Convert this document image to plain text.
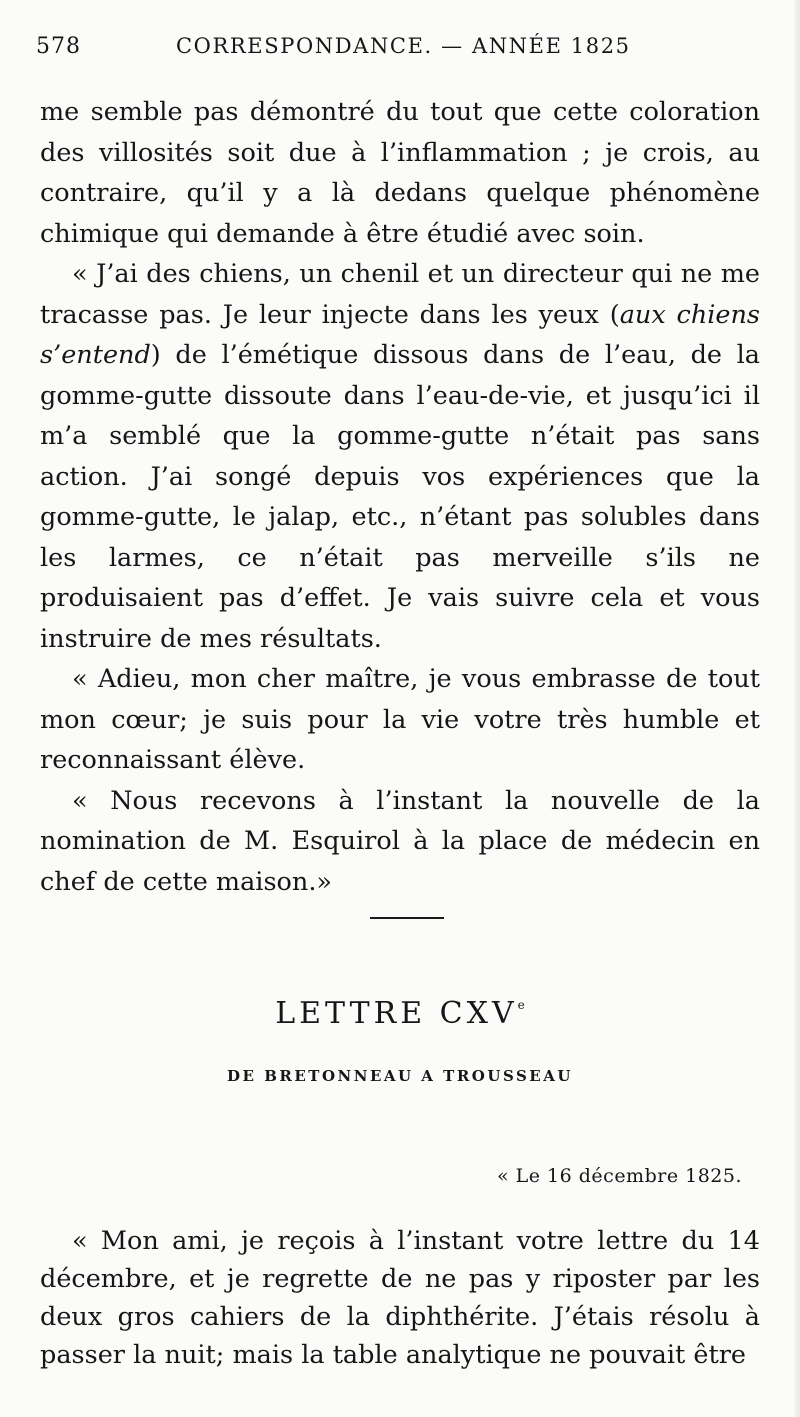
578	CORRESPONDANCE. — ANNÉE 1825

me semble pas démontré du tout que cette coloration des villosités soit due à l’inflammation ; je crois, au contraire, qu’il y a là dedans quelque phénomène chimique qui demande à être étudié avec soin.

« J’ai des chiens, un chenil et un directeur qui ne me tracasse pas. Je leur injecte dans les yeux (aux chiens s’entend) de l’émétique dissous dans de l’eau, de la gomme-gutte dissoute dans l’eau-de-vie, et jusqu’ici il m’a semblé que la gomme-gutte n’était pas sans action. J’ai songé depuis vos expériences que la gomme-gutte, le jalap, etc., n’étant pas solubles dans les larmes, ce n’était pas merveille s’ils ne produisaient pas d’effet. Je vais suivre cela et vous instruire de mes résultats.

« Adieu, mon cher maître, je vous embrasse de tout mon cœur; je suis pour la vie votre très humble et reconnaissant élève.

« Nous recevons à l’instant la nouvelle de la nomination de M. Esquirol à la place de médecin en chef de cette maison.»

LETTRE CXVe
DE BRETONNEAU A TROUSSEAU
« Le 16 décembre 1825.

« Mon ami, je reçois à l’instant votre lettre du 14 décembre, et je regrette de ne pas y riposter par les deux gros cahiers de la diphthérite. J’étais résolu à passer la nuit; mais la table analytique ne pouvait être
